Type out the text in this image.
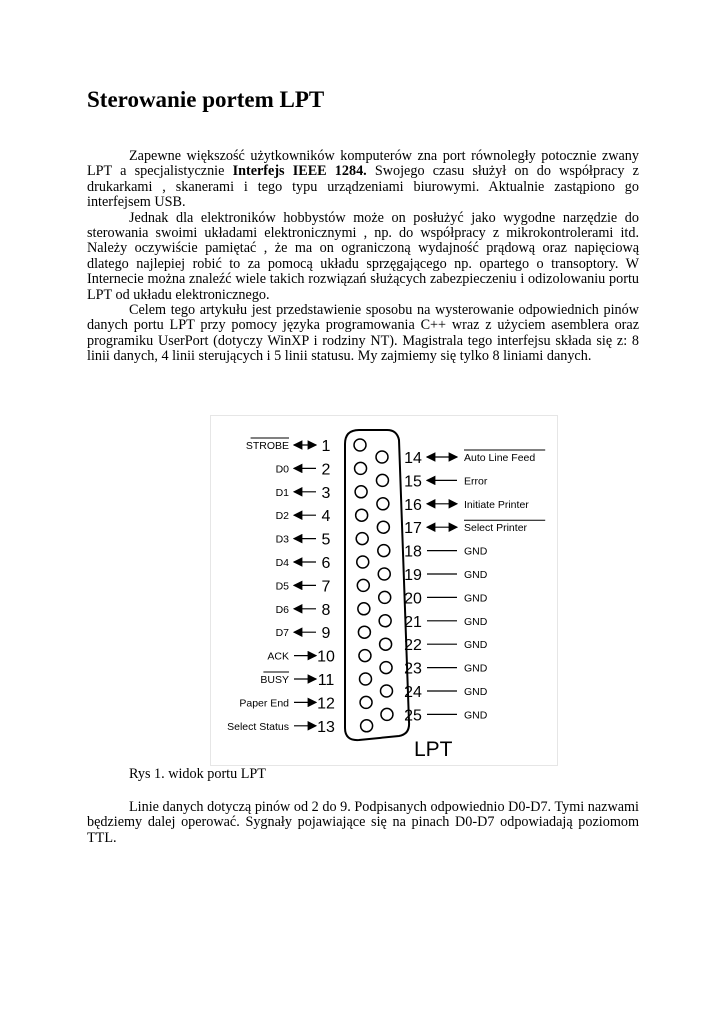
Sterowanie portem LPT

Zapewne większość użytkowników komputerów zna port równoległy potocznie zwany LPT a specjalistycznie Interfejs IEEE 1284. Swojego czasu służył on do współpracy z drukarkami , skanerami i tego typu urządzeniami biurowymi. Aktualnie zastąpiono go interfejsem USB.

Jednak dla elektroników hobbystów może on posłużyć jako wygodne narzędzie do sterowania swoimi układami elektronicznymi , np. do współpracy z mikrokontrolerami itd. Należy oczywiście pamiętać , że ma on ograniczoną wydajność prądową oraz napięciową dlatego najlepiej robić to za pomocą układu sprzęgającego np. opartego o transoptory. W Internecie można znaleźć wiele takich rozwiązań służących zabezpieczeniu i odizolowaniu portu LPT od układu elektronicznego.

Celem tego artykułu jest przedstawienie sposobu na wysterowanie odpowiednich pinów danych portu LPT przy pomocy języka programowania C++ wraz z użyciem asemblera oraz programiku UserPort (dotyczy WinXP i rodziny NT). Magistrala tego interfejsu składa się z: 8 linii danych, 4 linii sterujących i 5 linii statusu. My zajmiemy się tylko 8 liniami danych.

STROBE 1
D0 2
D1 3
D2 4
D3 5
D4 6
D5 7
D6 8
D7 9
ACK 10
BUSY 11
Paper End 12
Select Status 13
14	Auto Line Feed
15	Error
16	Initiate Printer
17	Select Printer
18	GND
19	GND
20	GND
21	GND
22	GND
23	GND
24	GND
25	GND
LPT
Rys 1. widok portu LPT

Linie danych dotyczą pinów od 2 do 9. Podpisanych odpowiednio D0-D7. Tymi nazwami będziemy dalej operować. Sygnały pojawiające się na pinach D0-D7 odpowiadają poziomom TTL.
